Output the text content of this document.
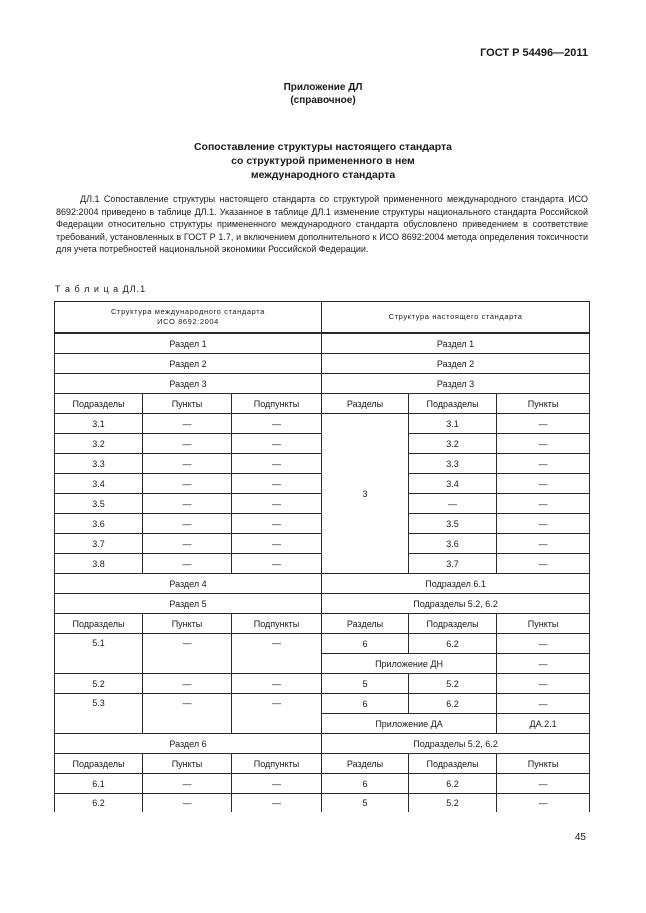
ГОСТ Р 54496—2011
Приложение ДЛ
(справочное)
Сопоставление структуры настоящего стандарта
со структурой примененного в нем
международного стандарта

ДЛ.1 Сопоставление структуры настоящего стандарта со структурой примененного международного стандарта ИСО 8692:2004 приведено в таблице ДЛ.1. Указанное в таблице ДЛ.1 изменение структуры национального стандарта Российской Федерации относительно структуры примененного международного стандарта обусловлено приведением в соответствие требований, установленных в ГОСТ Р 1.7, и включением дополнительного к ИСО 8692:2004 метода определения токсичности для учета потребностей национальной экономики Российской Федерации.

Т а б л и ц а ДЛ.1
Структура международного стандарта
ИСО 8692:2004			Структура настоящего стандарта		
Раздел 1			Раздел 1		
Раздел 2			Раздел 2		
Раздел 3			Раздел 3		
Подразделы	Пункты	Подпункты	Разделы	Подразделы	Пункты
3.1	—	—	3	3.1	—
3.2	—	—		3.2	—
3.3	—	—		3.3	—
3.4	—	—		3.4	—
3.5	—	—		—	—
3.6	—	—		3.5	—
3.7	—	—		3.6	—
3.8	—	—		3.7	—
Раздел 4			Подраздел 6.1		
Раздел 5			Подразделы 5.2, 6.2		
Подразделы	Пункты	Подпункты	Разделы	Подразделы	Пункты
5.1	—	—	6	6.2	—
			Приложение ДН		—
5.2	—	—	5	5.2	—
5.3	—	—	6	6.2	—
			Приложение ДА		ДА.2.1
Раздел 6			Подразделы 5.2, 6.2		
Подразделы	Пункты	Подпункты	Разделы	Подразделы	Пункты
6.1	—	—	6	6.2	—
6.2	—	—	5	5.2	—
45
